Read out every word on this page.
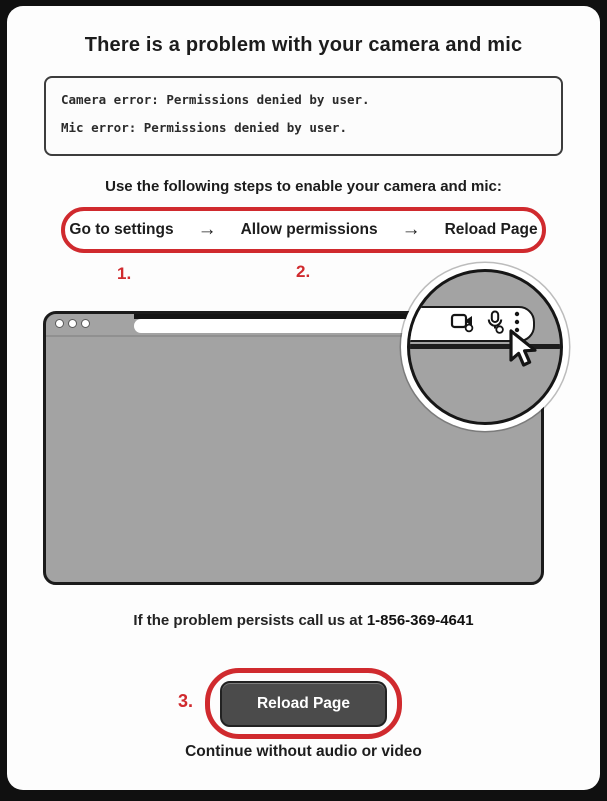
There is a problem with your camera and mic
Camera error: Permissions denied by user.
Mic error: Permissions denied by user.
Use the following steps to enable your camera and mic:
Go to settings → Allow permissions → Reload Page
1.	2.
If the problem persists call us at 1-856-369-4641
3.	Reload Page
Continue without audio or video
